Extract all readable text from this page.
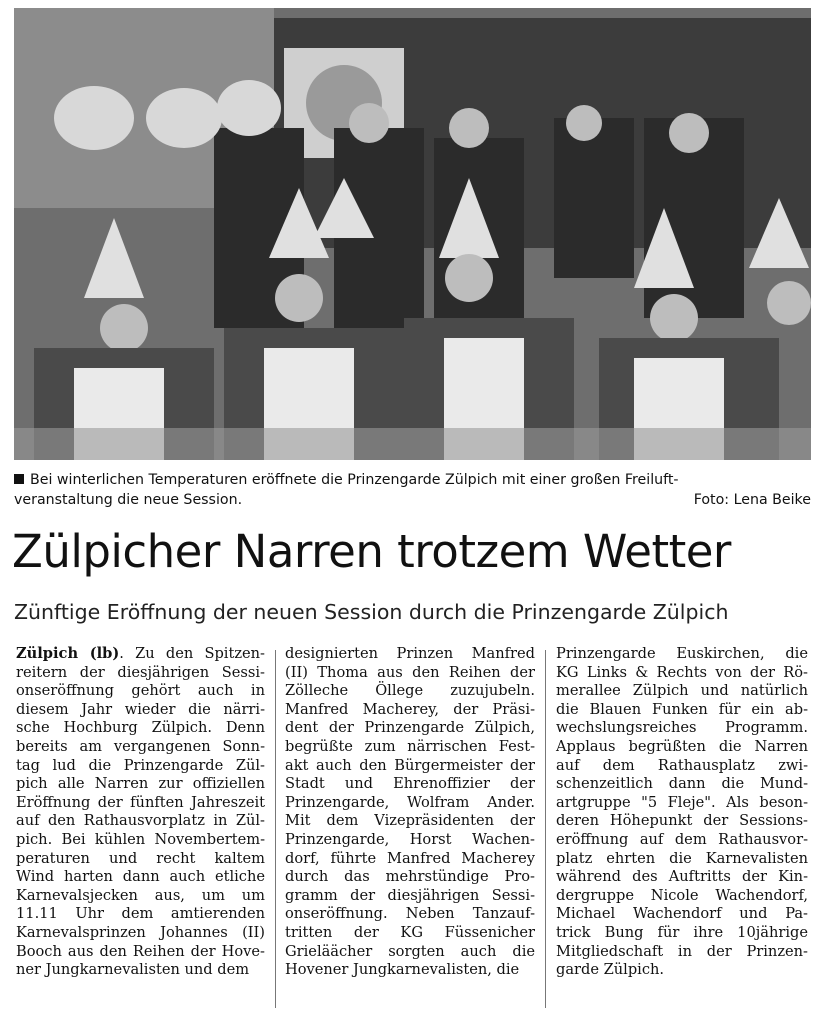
Bei winterlichen Temperaturen eröffnete die Prinzengarde Zülpich mit einer großen Freiluft-
veranstaltung die neue Session.	Foto: Lena Beike
Zülpicher Narren trotzem Wetter
Zünftige Eröffnung der neuen Session durch die Prinzengarde Zülpich
Zülpich (lb). Zu den Spitzen-
reitern der diesjährigen Sessi-
onseröffnung gehört auch in
diesem Jahr wieder die närri-
sche Hochburg Zülpich. Denn
bereits am vergangenen Sonn-
tag lud die Prinzengarde Zül-
pich alle Narren zur offiziellen
Eröffnung der fünften Jahreszeit
auf den Rathausvorplatz in Zül-
pich. Bei kühlen Novembertem-
peraturen und recht kaltem
Wind harten dann auch etliche
Karnevalsjecken aus, um um
11.11 Uhr dem amtierenden
Karnevalsprinzen Johannes (II)
Booch aus den Reihen der Hove-
ner Jungkarnevalisten und dem
designierten Prinzen Manfred
(II) Thoma aus den Reihen der
Zölleche Öllege zuzujubeln.
Manfred Macherey, der Präsi-
dent der Prinzengarde Zülpich,
begrüßte zum närrischen Fest-
akt auch den Bürgermeister der
Stadt und Ehrenoffizier der
Prinzengarde, Wolfram Ander.
Mit dem Vizepräsidenten der
Prinzengarde, Horst Wachen-
dorf, führte Manfred Macherey
durch das mehrstündige Pro-
gramm der diesjährigen Sessi-
onseröffnung. Neben Tanzauf-
tritten der KG Füssenicher
Grieläächer sorgten auch die
Hovener Jungkarnevalisten, die
Prinzengarde Euskirchen, die
KG Links & Rechts von der Rö-
merallee Zülpich und natürlich
die Blauen Funken für ein ab-
wechslungsreiches Programm.
Applaus begrüßten die Narren
auf dem Rathausplatz zwi-
schenzeitlich dann die Mund-
artgruppe "5 Fleje". Als beson-
deren Höhepunkt der Sessions-
eröffnung auf dem Rathausvor-
platz ehrten die Karnevalisten
während des Auftritts der Kin-
dergruppe Nicole Wachendorf,
Michael Wachendorf und Pa-
trick Bung für ihre 10jährige
Mitgliedschaft in der Prinzen-
garde Zülpich.
